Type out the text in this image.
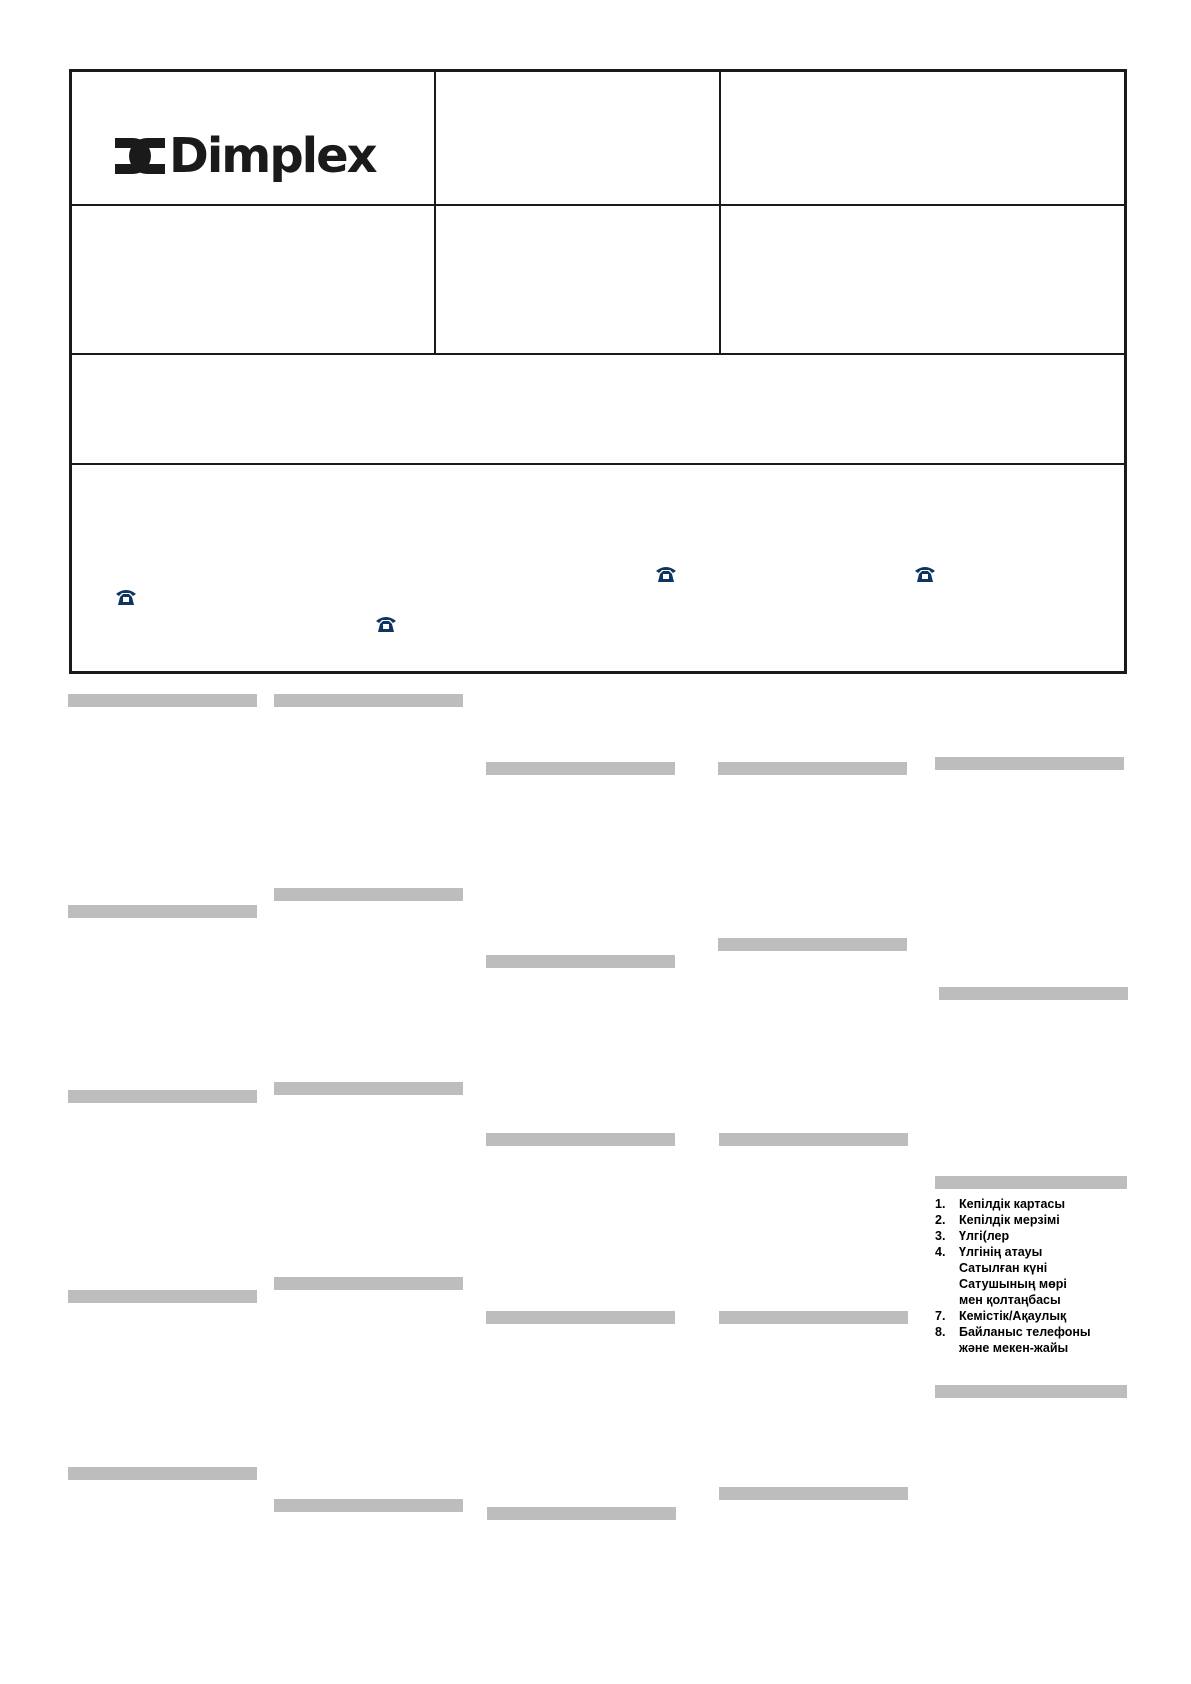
Dimplex
1.	Кепілдік картасы
2.	Кепілдік мерзімі
3.	Үлгі(лер
4.	Үлгінің атауы
Сатылған күні
Сатушының мөрі
мен қолтаңбасы
7.	Кемістік/Ақаулық
8.	Байланыс телефоны
және мекен-жайы
